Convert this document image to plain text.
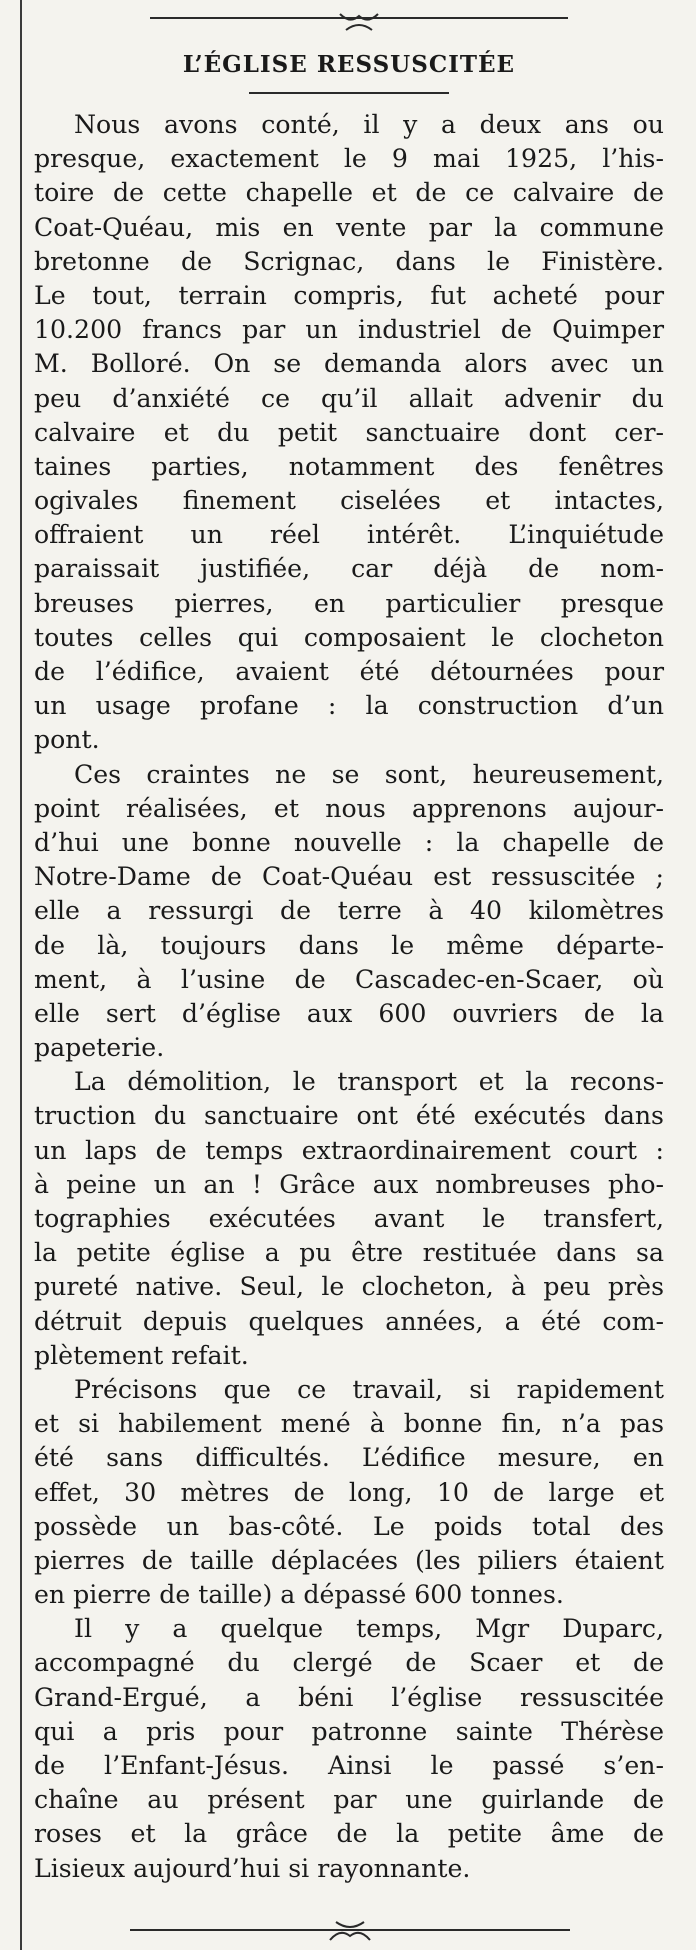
L’ÉGLISE RESSUSCITÉE
Nous avons conté, il y a deux ans ou
presque, exactement le 9 mai 1925, l’his-
toire de cette chapelle et de ce calvaire de
Coat-Quéau, mis en vente par la commune
bretonne de Scrignac, dans le Finistère.
Le tout, terrain compris, fut acheté pour
10.200 francs par un industriel de Quimper
M. Bolloré. On se demanda alors avec un
peu d’anxiété ce qu’il allait advenir du
calvaire et du petit sanctuaire dont cer-
taines parties, notamment des fenêtres
ogivales finement ciselées et intactes,
offraient un réel intérêt. L’inquiétude
paraissait justifiée, car déjà de nom-
breuses pierres, en particulier presque
toutes celles qui composaient le clocheton
de l’édifice, avaient été détournées pour
un usage profane : la construction d’un
pont.
Ces craintes ne se sont, heureusement,
point réalisées, et nous apprenons aujour-
d’hui une bonne nouvelle : la chapelle de
Notre-Dame de Coat-Quéau est ressuscitée ;
elle a ressurgi de terre à 40 kilomètres
de là, toujours dans le même départe-
ment, à l’usine de Cascadec-en-Scaer, où
elle sert d’église aux 600 ouvriers de la
papeterie.
La démolition, le transport et la recons-
truction du sanctuaire ont été exécutés dans
un laps de temps extraordinairement court :
à peine un an ! Grâce aux nombreuses pho-
tographies exécutées avant le transfert,
la petite église a pu être restituée dans sa
pureté native. Seul, le clocheton, à peu près
détruit depuis quelques années, a été com-
plètement refait.
Précisons que ce travail, si rapidement
et si habilement mené à bonne fin, n’a pas
été sans difficultés. L’édifice mesure, en
effet, 30 mètres de long, 10 de large et
possède un bas-côté. Le poids total des
pierres de taille déplacées (les piliers étaient
en pierre de taille) a dépassé 600 tonnes.
Il y a quelque temps, Mgr Duparc,
accompagné du clergé de Scaer et de
Grand-Ergué, a béni l’église ressuscitée
qui a pris pour patronne sainte Thérèse
de l’Enfant-Jésus. Ainsi le passé s’en-
chaîne au présent par une guirlande de
roses et la grâce de la petite âme de
Lisieux aujourd’hui si rayonnante.
